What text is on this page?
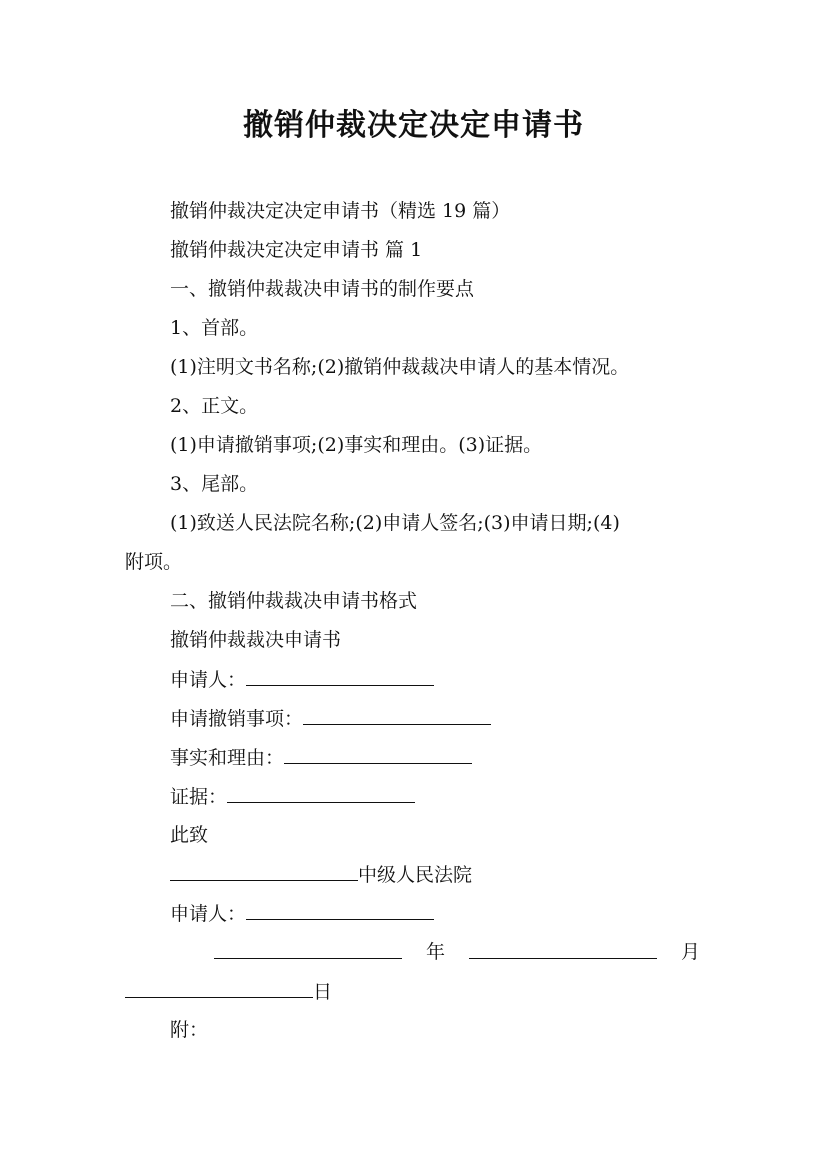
撤销仲裁决定决定申请书
撤销仲裁决定决定申请书（精选 19 篇）
撤销仲裁决定决定申请书 篇 1
一、撤销仲裁裁决申请书的制作要点
1、首部。
(1)注明文书名称;(2)撤销仲裁裁决申请人的基本情况。
2、正文。
(1)申请撤销事项;(2)事实和理由。(3)证据。
3、尾部。
(1)致送人民法院名称;(2)申请人签名;(3)申请日期;(4)
附项。
二、撤销仲裁裁决申请书格式
撤销仲裁裁决申请书
申请人：
申请撤销事项：
事实和理由：
证据：
此致
中级人民法院
申请人：
年	月
日
附：
